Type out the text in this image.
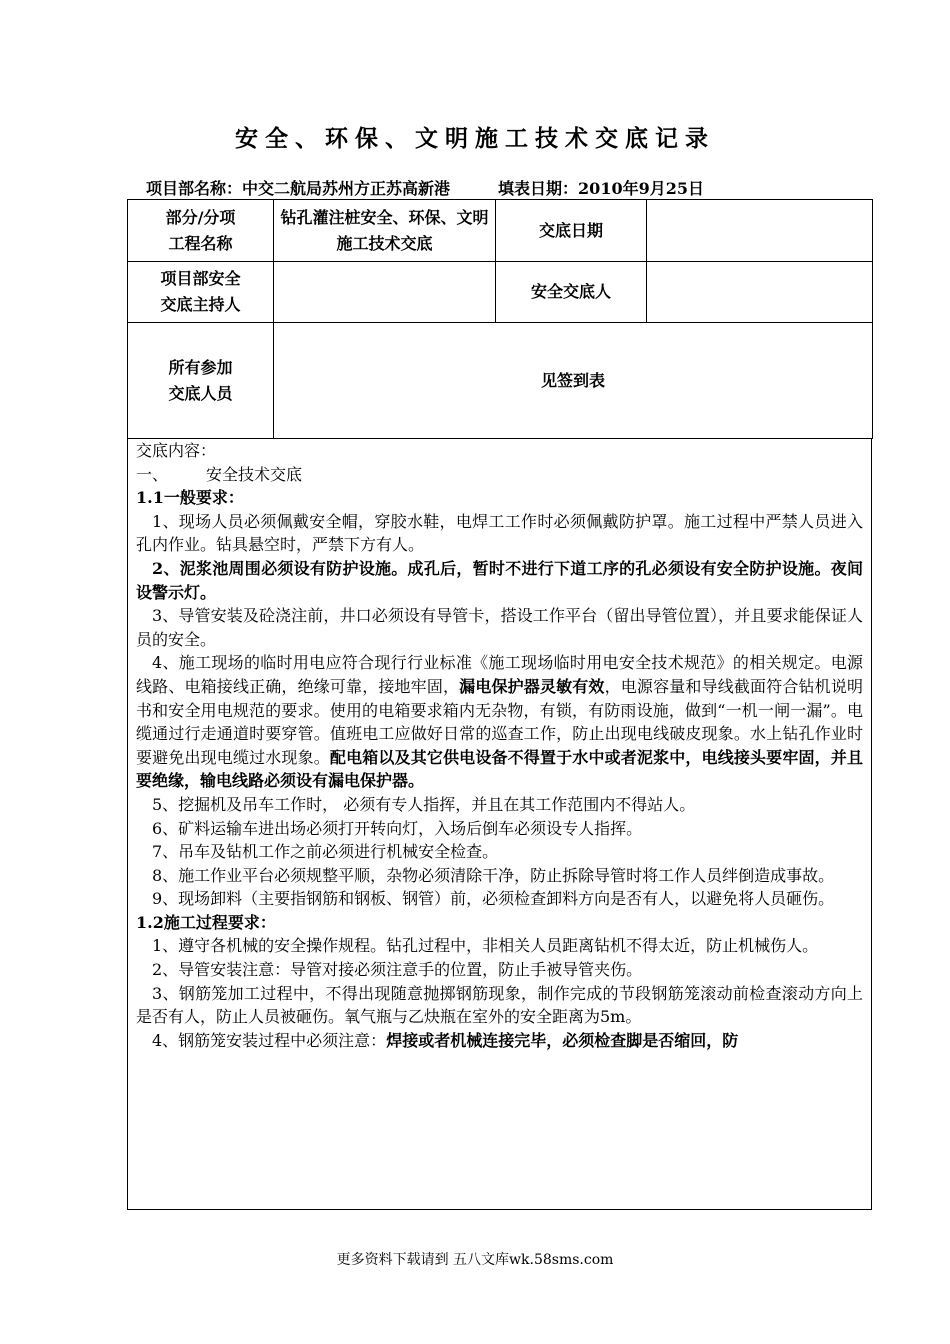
安全、环保、文明施工技术交底记录
项目部名称：中交二航局苏州方正苏高新港	填表日期：2010年9月25日
部分/分项
工程名称	钻孔灌注桩安全、环保、文明施工技术交底	交底日期	

项目部安全
交底主持人		安全交底人	

所有参加
交底人员	见签到表		

交底内容：

一、 安全技术交底

1.1一般要求：

1、现场人员必须佩戴安全帽，穿胶水鞋，电焊工工作时必须佩戴防护罩。施工过程中严禁人员进入孔内作业。钻具悬空时，严禁下方有人。

2、泥浆池周围必须设有防护设施。成孔后，暂时不进行下道工序的孔必须设有安全防护设施。夜间设警示灯。

3、导管安装及砼浇注前，井口必须设有导管卡，搭设工作平台（留出导管位置），并且要求能保证人员的安全。

4、施工现场的临时用电应符合现行行业标准《施工现场临时用电安全技术规范》的相关规定。电源线路、电箱接线正确，绝缘可靠，接地牢固，漏电保护器灵敏有效，电源容量和导线截面符合钻机说明书和安全用电规范的要求。使用的电箱要求箱内无杂物，有锁，有防雨设施，做到“一机一闸一漏”。电缆通过行走通道时要穿管。值班电工应做好日常的巡查工作，防止出现电线破皮现象。水上钻孔作业时要避免出现电缆过水现象。配电箱以及其它供电设备不得置于水中或者泥浆中，电线接头要牢固，并且要绝缘，输电线路必须设有漏电保护器。

5、挖掘机及吊车工作时， 必须有专人指挥，并且在其工作范围内不得站人。

6、矿料运输车进出场必须打开转向灯，入场后倒车必须设专人指挥。

7、吊车及钻机工作之前必须进行机械安全检查。

8、施工作业平台必须规整平顺，杂物必须清除干净，防止拆除导管时将工作人员绊倒造成事故。

9、现场卸料（主要指钢筋和钢板、钢管）前，必须检查卸料方向是否有人，以避免将人员砸伤。

1.2施工过程要求：

1、遵守各机械的安全操作规程。钻孔过程中，非相关人员距离钻机不得太近，防止机械伤人。

2、导管安装注意：导管对接必须注意手的位置，防止手被导管夹伤。

3、钢筋笼加工过程中，不得出现随意抛掷钢筋现象，制作完成的节段钢筋笼滚动前检查滚动方向上是否有人，防止人员被砸伤。氧气瓶与乙炔瓶在室外的安全距离为5m。

4、钢筋笼安装过程中必须注意：焊接或者机械连接完毕，必须检查脚是否缩回，防

更多资料下载请到 五八文库wk.58sms.com
